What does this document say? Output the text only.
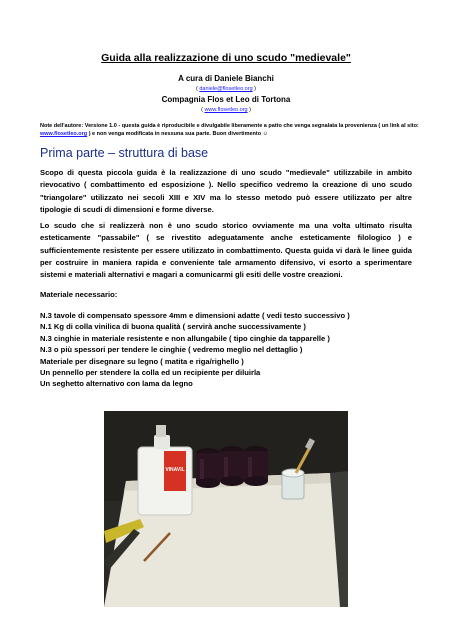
Guida alla realizzazione di uno scudo "medievale"
A cura di Daniele Bianchi
( daniele@flosetleo.org )
Compagnia Flos et Leo di Tortona
( www.flosetleo.org )
Note dell'autore: Versione 1.0 - questa guida è riproducibile e divulgabile liberamente a patto che venga segnalata la provenienza ( un link al sito: www.flosetleo.org ) e non venga modificata in nessuna sua parte. Buon divertimento ☺
Prima parte – struttura di base
Scopo di questa piccola guida è la realizzazione di uno scudo "medievale" utilizzabile in ambito rievocativo ( combattimento ed esposizione ). Nello specifico vedremo la creazione di uno scudo "triangolare" utilizzato nei secoli XIII e XIV ma lo stesso metodo può essere utilizzato per altre tipologie di scudi di dimensioni e forme diverse.
Lo scudo che si realizzerà non è uno scudo storico ovviamente ma una volta ultimato risulta esteticamente "passabile" ( se rivestito adeguatamente anche esteticamente filologico ) e sufficientemente resistente per essere utilizzato in combattimento. Questa guida vi darà le linee guida per costruire in maniera rapida e conveniente tale armamento difensivo, vi esorto a sperimentare sistemi e materiali alternativi e magari a comunicarmi gli esiti delle vostre creazioni.
Materiale necessario:
N.3 tavole di compensato spessore 4mm e dimensioni adatte ( vedi testo successivo )
N.1 Kg di colla vinilica di buona qualità ( servirà anche successivamente )
N.3 cinghie in materiale resistente e non allungabile ( tipo cinghie da tapparelle )
N.3 o più spessori per tendere le cinghie ( vedremo meglio nel dettaglio )
Materiale per disegnare su legno ( matita e riga/righello )
Un pennello per stendere la colla ed un recipiente per diluirla
Un seghetto alternativo con lama da legno
VINAVIL
